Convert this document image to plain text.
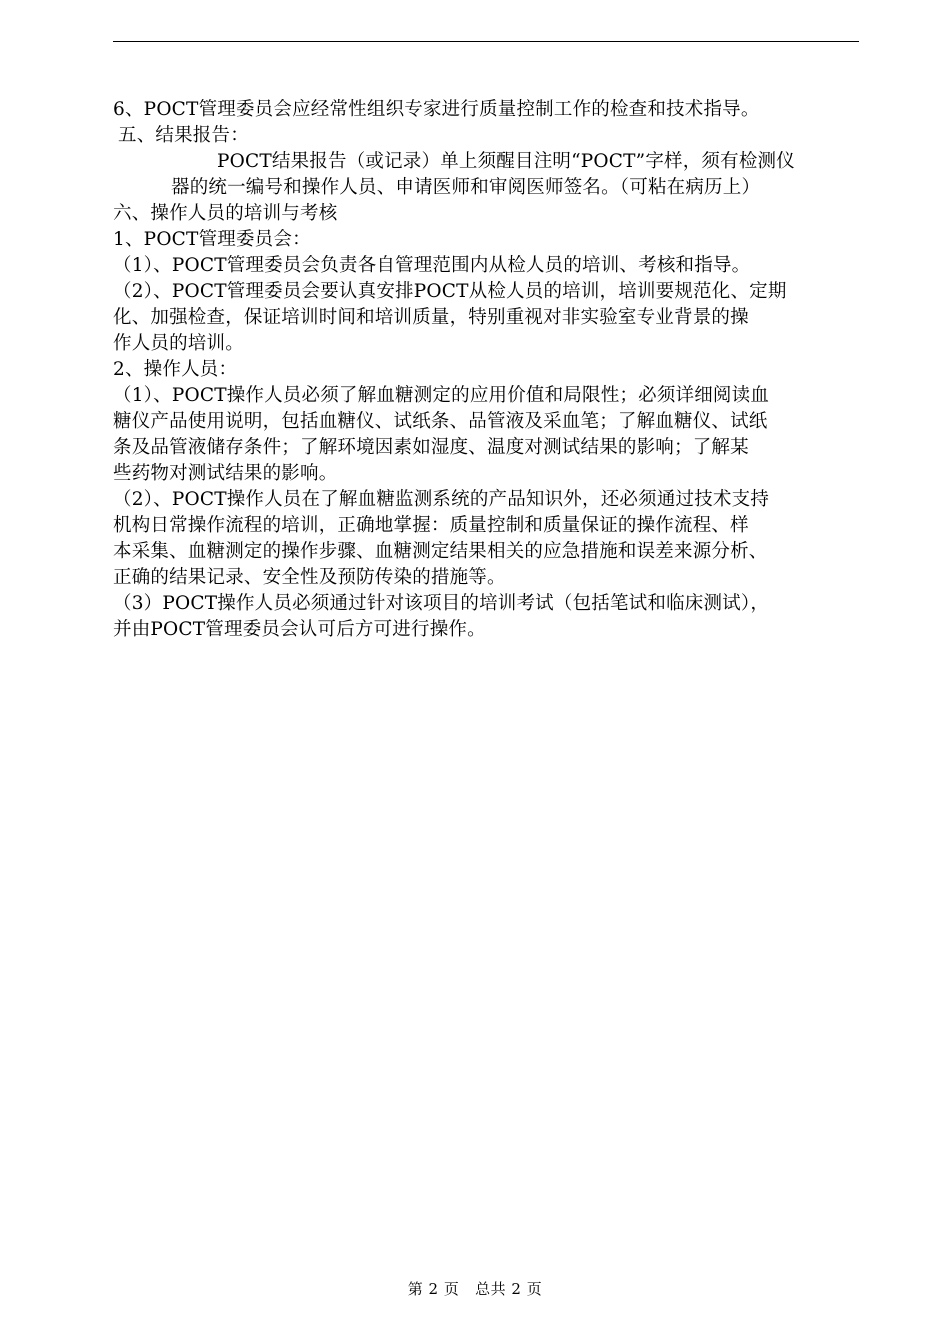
6、POCT管理委员会应经常性组织专家进行质量控制工作的检查和技术指导。
五、结果报告：
POCT结果报告（或记录）单上须醒目注明“POCT”字样，须有检测仪
器的统一编号和操作人员、申请医师和审阅医师签名。（可粘在病历上）
六、操作人员的培训与考核
1、POCT管理委员会：
（1）、POCT管理委员会负责各自管理范围内从检人员的培训、考核和指导。
（2）、POCT管理委员会要认真安排POCT从检人员的培训，培训要规范化、定期
化、加强检查，保证培训时间和培训质量，特别重视对非实验室专业背景的操
作人员的培训。
2、操作人员：
（1）、POCT操作人员必须了解血糖测定的应用价值和局限性；必须详细阅读血
糖仪产品使用说明，包括血糖仪、试纸条、品管液及采血笔；了解血糖仪、试纸
条及品管液储存条件；了解环境因素如湿度、温度对测试结果的影响；了解某
些药物对测试结果的影响。
（2）、POCT操作人员在了解血糖监测系统的产品知识外，还必须通过技术支持
机构日常操作流程的培训，正确地掌握：质量控制和质量保证的操作流程、样
本采集、血糖测定的操作步骤、血糖测定结果相关的应急措施和误差来源分析、
正确的结果记录、安全性及预防传染的措施等。
（3）POCT操作人员必须通过针对该项目的培训考试（包括笔试和临床测试），
并由POCT管理委员会认可后方可进行操作。
第 2 页   总共 2 页
